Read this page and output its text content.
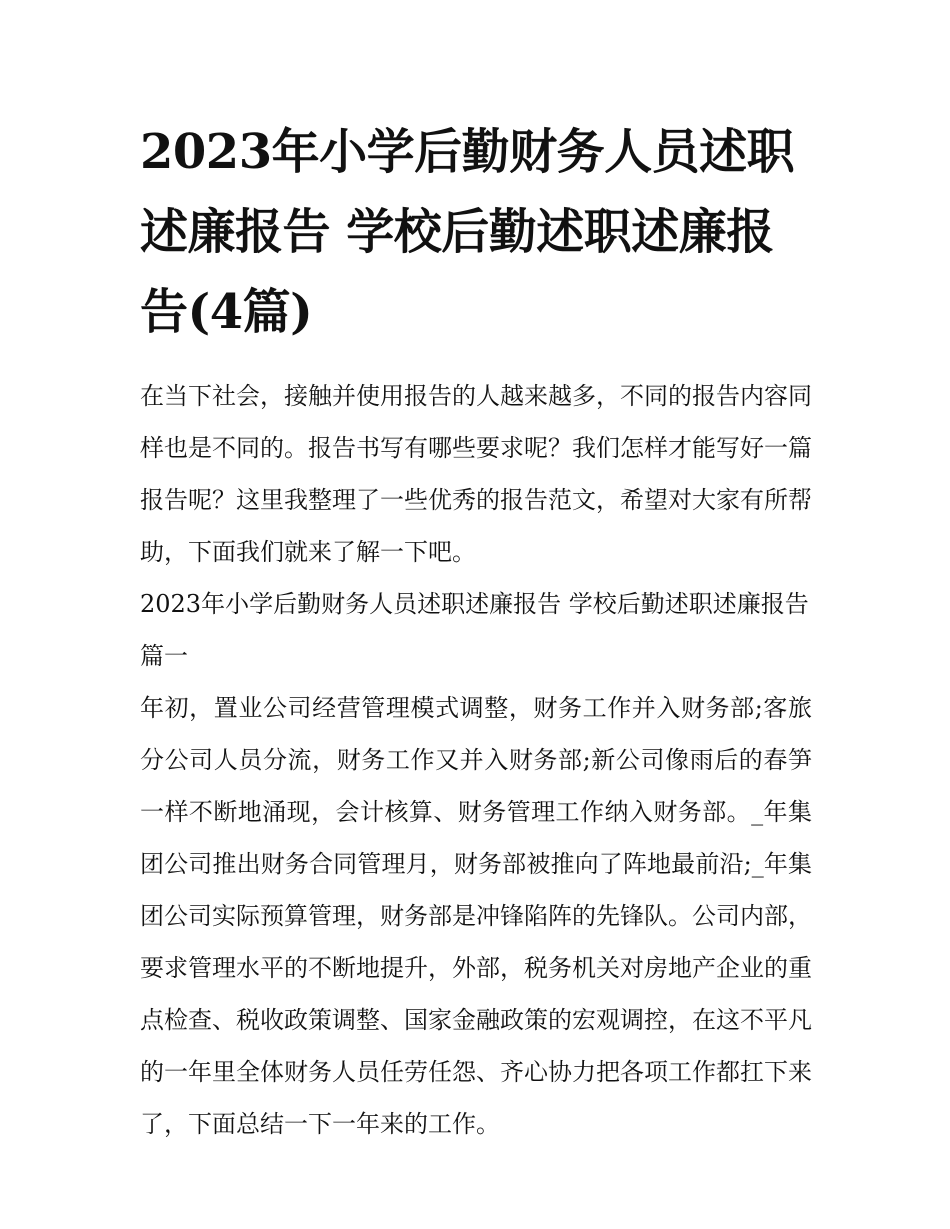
2023年小学后勤财务人员述职述廉报告 学校后勤述职述廉报告(4篇)

在当下社会，接触并使用报告的人越来越多，不同的报告内容同样也是不同的。报告书写有哪些要求呢？我们怎样才能写好一篇报告呢？这里我整理了一些优秀的报告范文，希望对大家有所帮助，下面我们就来了解一下吧。

2023年小学后勤财务人员述职述廉报告 学校后勤述职述廉报告篇一

年初，置业公司经营管理模式调整，财务工作并入财务部;客旅分公司人员分流，财务工作又并入财务部;新公司像雨后的春笋一样不断地涌现，会计核算、财务管理工作纳入财务部。_年集团公司推出财务合同管理月，财务部被推向了阵地最前沿;_年集团公司实际预算管理，财务部是冲锋陷阵的先锋队。公司内部，要求管理水平的不断地提升，外部，税务机关对房地产企业的重点检查、税收政策调整、国家金融政策的宏观调控，在这不平凡的一年里全体财务人员任劳任怨、齐心协力把各项工作都扛下来了，下面总结一下一年来的工作。
